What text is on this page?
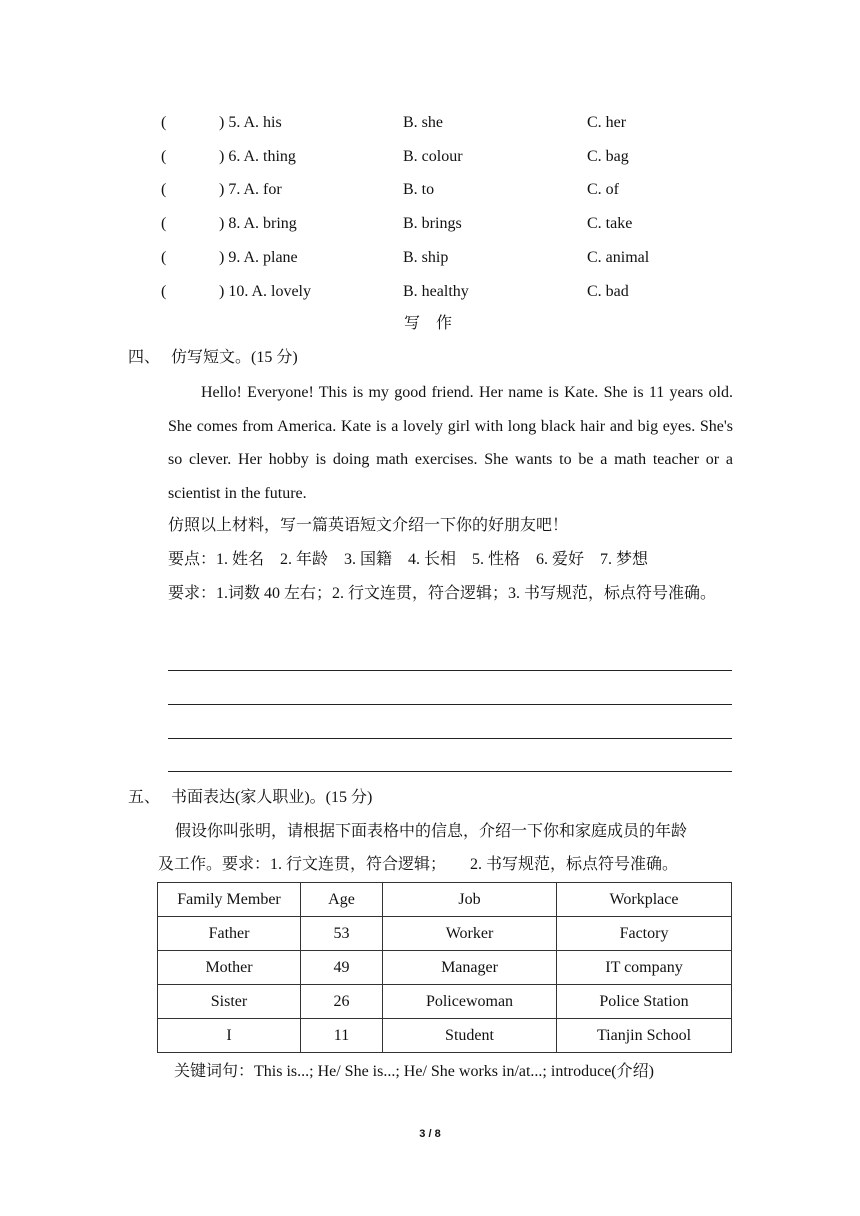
(	) 5. A. his	B. she	C. her
(	) 6. A. thing	B. colour	C. bag
(	) 7. A. for	B. to	C. of
(	) 8. A. bring	B. brings	C. take
(	) 9. A. plane	B. ship	C. animal
(	) 10. A. lovely	B. healthy	C. bad
写　作
四、 仿写短文。(15 分)
Hello! Everyone! This is my good friend. Her name is Kate. She is 11 years old. She comes from America. Kate is a lovely girl with long black hair and big eyes. She's so clever. Her hobby is doing math exercises. She wants to be a math teacher or a scientist in the future.
仿照以上材料，写一篇英语短文介绍一下你的好朋友吧！
要点：1. 姓名　2. 年龄　3. 国籍　4. 长相　5. 性格　6. 爱好　7. 梦想
要求：1.词数 40 左右；2. 行文连贯，符合逻辑；3. 书写规范，标点符号准确。
五、 书面表达(家人职业)。(15 分)
假设你叫张明，请根据下面表格中的信息，介绍一下你和家庭成员的年龄
及工作。要求：1. 行文连贯，符合逻辑；　　2. 书写规范，标点符号准确。
Family Member	Age	Job	Workplace
Father	53	Worker	Factory
Mother	49	Manager	IT company
Sister	26	Policewoman	Police Station
I	11	Student	Tianjin School
关键词句：This is...; He/ She is...; He/ She works in/at...; introduce(介绍)
3 / 8
